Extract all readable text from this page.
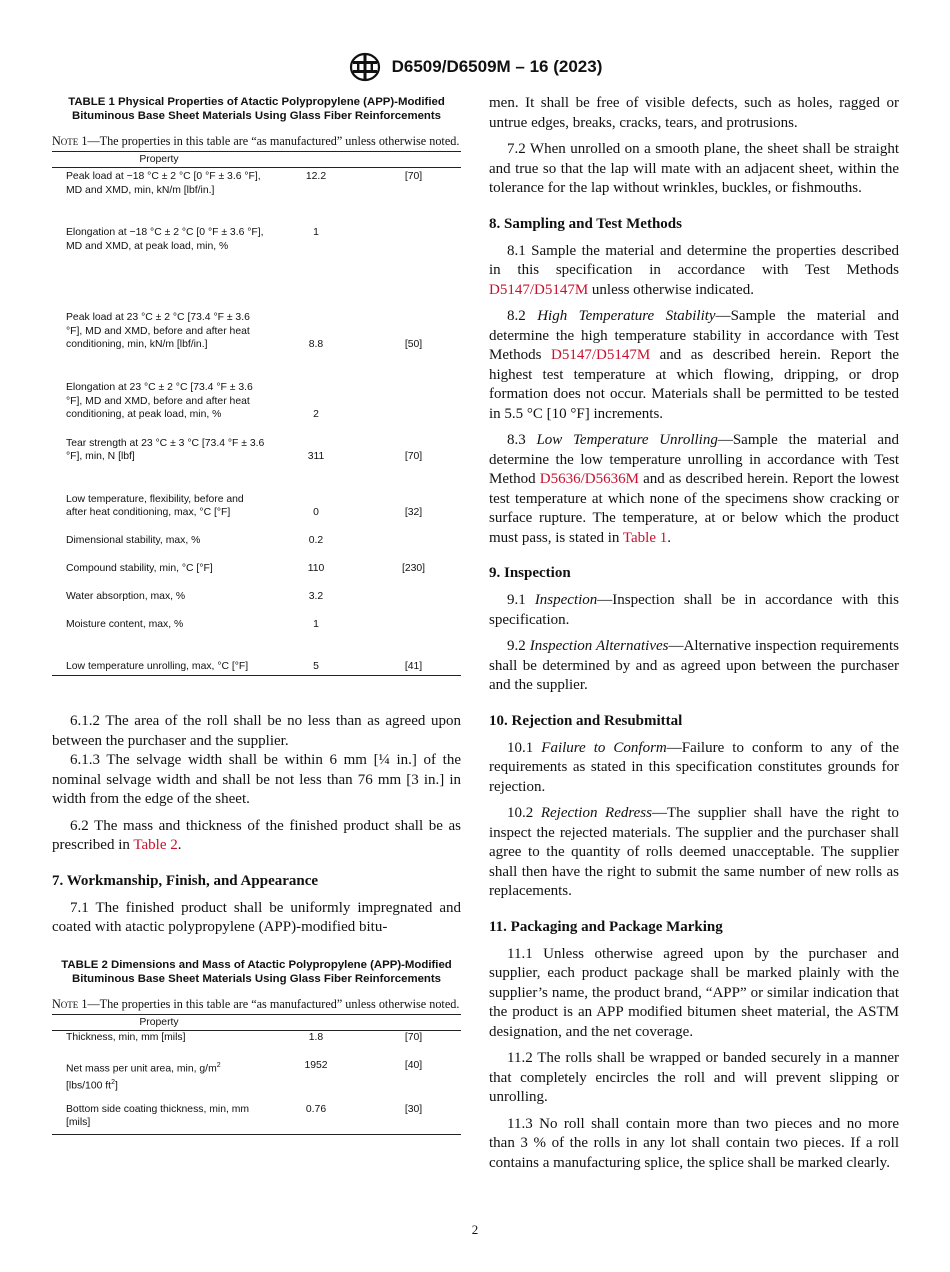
D6509/D6509M – 16 (2023)
TABLE 1 Physical Properties of Atactic Polypropylene (APP)-Modified Bituminous Base Sheet Materials Using Glass Fiber Reinforcements
Note 1—The properties in this table are “as manufactured” unless otherwise noted.
Property		
Peak load at −18 °C ± 2 °C [0 °F ± 3.6 °F], MD and XMD, min, kN/m [lbf/in.]	12.2	[70]
Elongation at −18 °C ± 2 °C [0 °F ± 3.6 °F], MD and XMD, at peak load, min, %	1	
Peak load at 23 °C ± 2 °C [73.4 °F ± 3.6 °F], MD and XMD, before and after heat conditioning, min, kN/m [lbf/in.]	8.8	[50]
Elongation at 23 °C ± 2 °C [73.4 °F ± 3.6 °F], MD and XMD, before and after heat conditioning, at peak load, min, %	2	
Tear strength at 23 °C ± 3 °C [73.4 °F ± 3.6 °F], min, N [lbf]	311	[70]
Low temperature, flexibility, before and after heat conditioning, max, °C [°F]	0	[32]
Dimensional stability, max, %	0.2	
Compound stability, min, °C [°F]	110	[230]
Water absorption, max, %	3.2	
Moisture content, max, %	1	
Low temperature unrolling, max, °C [°F]	5	[41]

6.1.2 The area of the roll shall be no less than as agreed upon between the purchaser and the supplier.

6.1.3 The selvage width shall be within 6 mm [¼ in.] of the nominal selvage width and shall be not less than 76 mm [3 in.] in width from the edge of the sheet.

6.2 The mass and thickness of the finished product shall be as prescribed in Table 2.

7. Workmanship, Finish, and Appearance

7.1 The finished product shall be uniformly impregnated and coated with atactic polypropylene (APP)-modified bitu-

TABLE 2 Dimensions and Mass of Atactic Polypropylene (APP)-Modified Bituminous Base Sheet Materials Using Glass Fiber Reinforcements
Note 1—The properties in this table are “as manufactured” unless otherwise noted.
Property		
Thickness, min, mm [mils]	1.8	[70]
Net mass per unit area, min, $g/m^2$
[lbs/100 $ft^2$]	1952	[40]
Bottom side coating thickness, min, mm [mils]	0.76	[30]

men. It shall be free of visible defects, such as holes, ragged or untrue edges, breaks, cracks, tears, and protrusions.

7.2 When unrolled on a smooth plane, the sheet shall be straight and true so that the lap will mate with an adjacent sheet, within the tolerance for the lap without wrinkles, buckles, or fishmouths.

8. Sampling and Test Methods

8.1 Sample the material and determine the properties described in this specification in accordance with Test Methods D5147/D5147M unless otherwise indicated.

8.2 High Temperature Stability—Sample the material and determine the high temperature stability in accordance with Test Methods D5147/D5147M and as described herein. Report the highest test temperature at which flowing, dripping, or drop formation does not occur. Materials shall be permitted to be tested in 5.5 °C [10 °F] increments.

8.3 Low Temperature Unrolling—Sample the material and determine the low temperature unrolling in accordance with Test Method D5636/D5636M and as described herein. Report the lowest test temperature at which none of the specimens show cracking or surface rupture. The temperature, at or below which the product must pass, is stated in Table 1.

9. Inspection

9.1 Inspection—Inspection shall be in accordance with this specification.

9.2 Inspection Alternatives—Alternative inspection requirements shall be determined by and as agreed upon between the purchaser and the supplier.

10. Rejection and Resubmittal

10.1 Failure to Conform—Failure to conform to any of the requirements as stated in this specification constitutes grounds for rejection.

10.2 Rejection Redress—The supplier shall have the right to inspect the rejected materials. The supplier and the purchaser shall agree to the quantity of rolls deemed unacceptable. The supplier shall then have the right to submit the same number of new rolls as replacements.

11. Packaging and Package Marking

11.1 Unless otherwise agreed upon by the purchaser and supplier, each product package shall be marked plainly with the supplier’s name, the product brand, “APP” or similar indication that the product is an APP modified bitumen sheet material, the ASTM designation, and the net coverage.

11.2 The rolls shall be wrapped or banded securely in a manner that completely encircles the roll and will prevent slipping or unrolling.

11.3 No roll shall contain more than two pieces and no more than 3 % of the rolls in any lot shall contain two pieces. If a roll contains a manufacturing splice, the splice shall be marked clearly.

2
